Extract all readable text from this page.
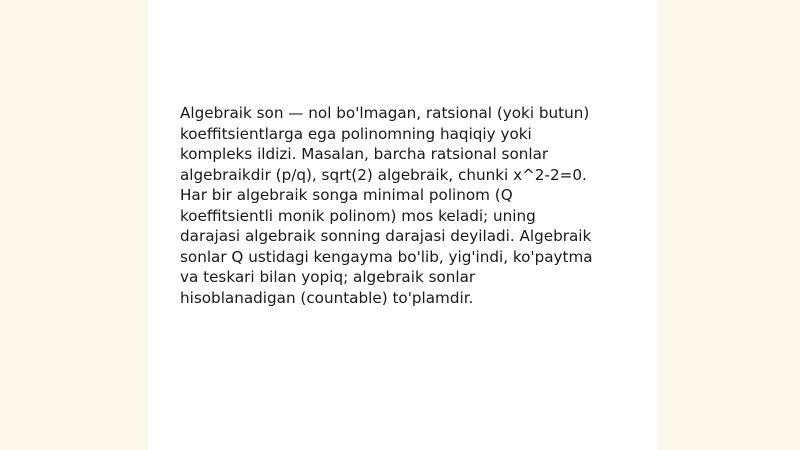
Algebraik son — nol bo'lmagan, ratsional (yoki butun)
koeffitsientlarga ega polinomning haqiqiy yoki
kompleks ildizi. Masalan, barcha ratsional sonlar
algebraikdir (p/q), sqrt(2) algebraik, chunki x^2-2=0.
Har bir algebraik songa minimal polinom (Q
koeffitsientli monik polinom) mos keladi; uning
darajasi algebraik sonning darajasi deyiladi. Algebraik
sonlar Q ustidagi kengayma bo'lib, yig'indi, ko'paytma
va teskari bilan yopiq; algebraik sonlar
hisoblanadigan (countable) to'plamdir.
